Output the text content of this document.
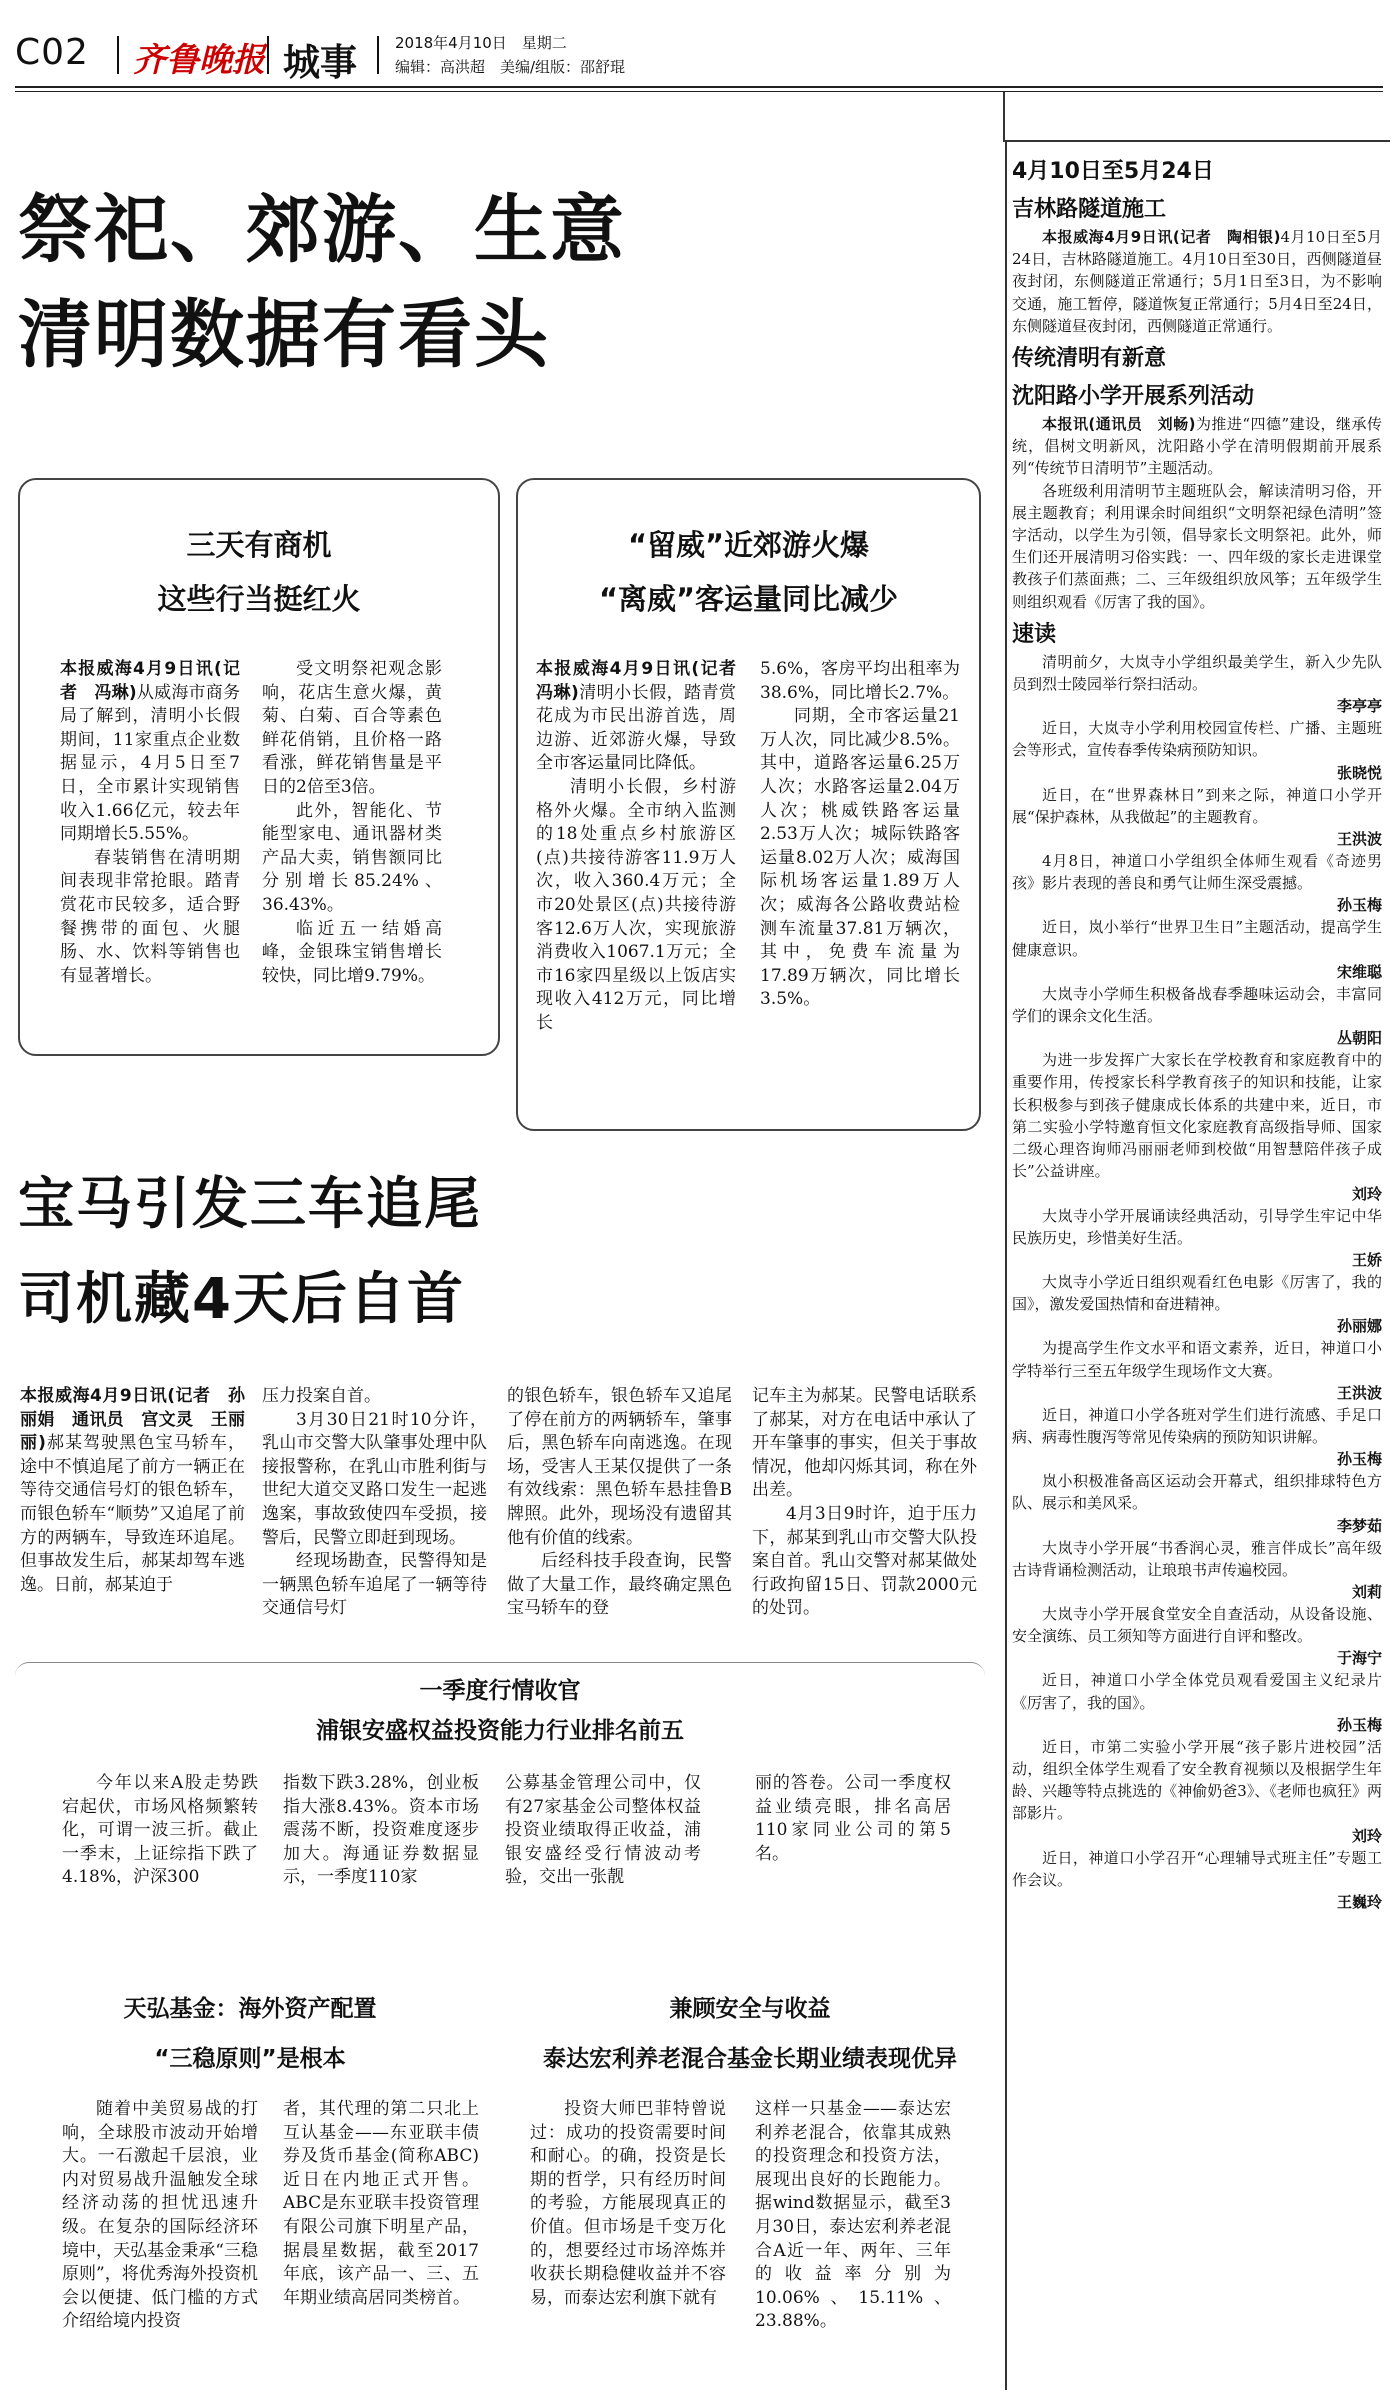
C02 齐鲁晚报 城事	2018年4月10日　星期二
编辑：高洪超　美编/组版：邵舒琨
祭祀、郊游、生意
清明数据有看头
三天有商机
这些行当挺红火

本报威海4月9日讯(记者　冯琳)从威海市商务局了解到，清明小长假期间，11家重点企业数据显示，4月5日至7日，全市累计实现销售收入1.66亿元，较去年同期增长5.55%。

春装销售在清明期间表现非常抢眼。踏青赏花市民较多，适合野餐携带的面包、火腿肠、水、饮料等销售也有显著增长。

受文明祭祀观念影响，花店生意火爆，黄菊、白菊、百合等素色鲜花俏销，且价格一路看涨，鲜花销售量是平日的2倍至3倍。

此外，智能化、节能型家电、通讯器材类产品大卖，销售额同比分别增长85.24%、36.43%。

临近五一结婚高峰，金银珠宝销售增长较快，同比增9.79%。

“留威”近郊游火爆
“离威”客运量同比减少

本报威海4月9日讯(记者　冯琳)清明小长假，踏青赏花成为市民出游首选，周边游、近郊游火爆，导致全市客运量同比降低。

清明小长假，乡村游格外火爆。全市纳入监测的18处重点乡村旅游区(点)共接待游客11.9万人次，收入360.4万元；全市20处景区(点)共接待游客12.6万人次，实现旅游消费收入1067.1万元；全市16家四星级以上饭店实现收入412万元，同比增长

5.6%，客房平均出租率为38.6%，同比增长2.7%。

同期，全市客运量21万人次，同比减少8.5%。其中，道路客运量6.25万人次；水路客运量2.04万人次；桃威铁路客运量2.53万人次；城际铁路客运量8.02万人次；威海国际机场客运量1.89万人次；威海各公路收费站检测车流量37.81万辆次，其中，免费车流量为17.89万辆次，同比增长3.5%。

宝马引发三车追尾
司机藏4天后自首

本报威海4月9日讯(记者　孙丽娟　通讯员　宫文灵　王丽丽)郝某驾驶黑色宝马轿车，途中不慎追尾了前方一辆正在等待交通信号灯的银色轿车，而银色轿车“顺势”又追尾了前方的两辆车，导致连环追尾。但事故发生后，郝某却驾车逃逸。日前，郝某迫于

压力投案自首。

3月30日21时10分许，乳山市交警大队肇事处理中队接报警称，在乳山市胜利街与世纪大道交叉路口发生一起逃逸案，事故致使四车受损，接警后，民警立即赶到现场。

经现场勘查，民警得知是一辆黑色轿车追尾了一辆等待交通信号灯

的银色轿车，银色轿车又追尾了停在前方的两辆轿车，肇事后，黑色轿车向南逃逸。在现场，受害人王某仅提供了一条有效线索：黑色轿车悬挂鲁B牌照。此外，现场没有遗留其他有价值的线索。

后经科技手段查询，民警做了大量工作，最终确定黑色宝马轿车的登

记车主为郝某。民警电话联系了郝某，对方在电话中承认了开车肇事的事实，但关于事故情况，他却闪烁其词，称在外出差。

4月3日9时许，迫于压力下，郝某到乳山市交警大队投案自首。乳山交警对郝某做处行政拘留15日、罚款2000元的处罚。

一季度行情收官
浦银安盛权益投资能力行业排名前五
今年以来A股走势跌宕起伏，市场风格频繁转化，可谓一波三折。截止一季末，上证综指下跌了4.18%，沪深300
指数下跌3.28%，创业板指大涨8.43%。资本市场震荡不断，投资难度逐步加大。海通证券数据显示，一季度110家
公募基金管理公司中，仅有27家基金公司整体权益投资业绩取得正收益，浦银安盛经受行情波动考验，交出一张靓
丽的答卷。公司一季度权益业绩亮眼，排名高居110家同业公司的第5名。
天弘基金：海外资产配置
“三稳原则”是根本
随着中美贸易战的打响，全球股市波动开始增大。一石激起千层浪，业内对贸易战升温触发全球经济动荡的担忧迅速升级。在复杂的国际经济环境中，天弘基金秉承“三稳原则”，将优秀海外投资机会以便捷、低门槛的方式介绍给境内投资
者，其代理的第二只北上互认基金——东亚联丰债券及货币基金(简称ABC)近日在内地正式开售。ABC是东亚联丰投资管理有限公司旗下明星产品，据晨星数据，截至2017年底，该产品一、三、五年期业绩高居同类榜首。
兼顾安全与收益
泰达宏利养老混合基金长期业绩表现优异
投资大师巴菲特曾说过：成功的投资需要时间和耐心。的确，投资是长期的哲学，只有经历时间的考验，方能展现真正的价值。但市场是千变万化的，想要经过市场淬炼并收获长期稳健收益并不容易，而泰达宏利旗下就有
这样一只基金——泰达宏利养老混合，依靠其成熟的投资理念和投资方法，展现出良好的长跑能力。据wind数据显示，截至3月30日，泰达宏利养老混合A近一年、两年、三年的收益率分别为10.06%、15.11%、23.88%。
4月10日至5月24日
吉林路隧道施工

本报威海4月9日讯(记者　陶相银)4月10日至5月24日，吉林路隧道施工。4月10日至30日，西侧隧道昼夜封闭，东侧隧道正常通行；5月1日至3日，为不影响交通，施工暂停，隧道恢复正常通行；5月4日至24日，东侧隧道昼夜封闭，西侧隧道正常通行。

传统清明有新意
沈阳路小学开展系列活动

本报讯(通讯员　刘畅)为推进“四德”建设，继承传统，倡树文明新风，沈阳路小学在清明假期前开展系列“传统节日清明节”主题活动。

各班级利用清明节主题班队会，解读清明习俗，开展主题教育；利用课余时间组织“文明祭祀绿色清明”签字活动，以学生为引领，倡导家长文明祭祀。此外，师生们还开展清明习俗实践：一、四年级的家长走进课堂教孩子们蒸面燕；二、三年级组织放风筝；五年级学生则组织观看《厉害了我的国》。

速读

清明前夕，大岚寺小学组织最美学生，新入少先队员到烈士陵园举行祭扫活动。

李亭亭

近日，大岚寺小学利用校园宣传栏、广播、主题班会等形式，宣传春季传染病预防知识。

张晓悦

近日，在“世界森林日”到来之际，神道口小学开展“保护森林，从我做起”的主题教育。

王洪波

4月8日，神道口小学组织全体师生观看《奇迹男孩》影片表现的善良和勇气让师生深受震撼。

孙玉梅

近日，岚小举行“世界卫生日”主题活动，提高学生健康意识。

宋维聪

大岚寺小学师生积极备战春季趣味运动会，丰富同学们的课余文化生活。

丛朝阳

为进一步发挥广大家长在学校教育和家庭教育中的重要作用，传授家长科学教育孩子的知识和技能，让家长积极参与到孩子健康成长体系的共建中来，近日，市第二实验小学特邀育恒文化家庭教育高级指导师、国家二级心理咨询师冯丽丽老师到校做“用智慧陪伴孩子成长”公益讲座。

刘玲

大岚寺小学开展诵读经典活动，引导学生牢记中华民族历史，珍惜美好生活。

王娇

大岚寺小学近日组织观看红色电影《厉害了，我的国》，激发爱国热情和奋进精神。

孙丽娜

为提高学生作文水平和语文素养，近日，神道口小学特举行三至五年级学生现场作文大赛。

王洪波

近日，神道口小学各班对学生们进行流感、手足口病、病毒性腹泻等常见传染病的预防知识讲解。

孙玉梅

岚小积极准备高区运动会开幕式，组织排球特色方队、展示和美风采。

李梦茹

大岚寺小学开展“书香润心灵，雅言伴成长”高年级古诗背诵检测活动，让琅琅书声传遍校园。

刘莉

大岚寺小学开展食堂安全自查活动，从设备设施、安全演练、员工须知等方面进行自评和整改。

于海宁

近日，神道口小学全体党员观看爱国主义纪录片《厉害了，我的国》。

孙玉梅

近日，市第二实验小学开展“孩子影片进校园”活动，组织全体学生观看了安全教育视频以及根据学生年龄、兴趣等特点挑选的《神偷奶爸3》、《老师也疯狂》两部影片。

刘玲

近日，神道口小学召开“心理辅导式班主任”专题工作会议。

王巍玲
